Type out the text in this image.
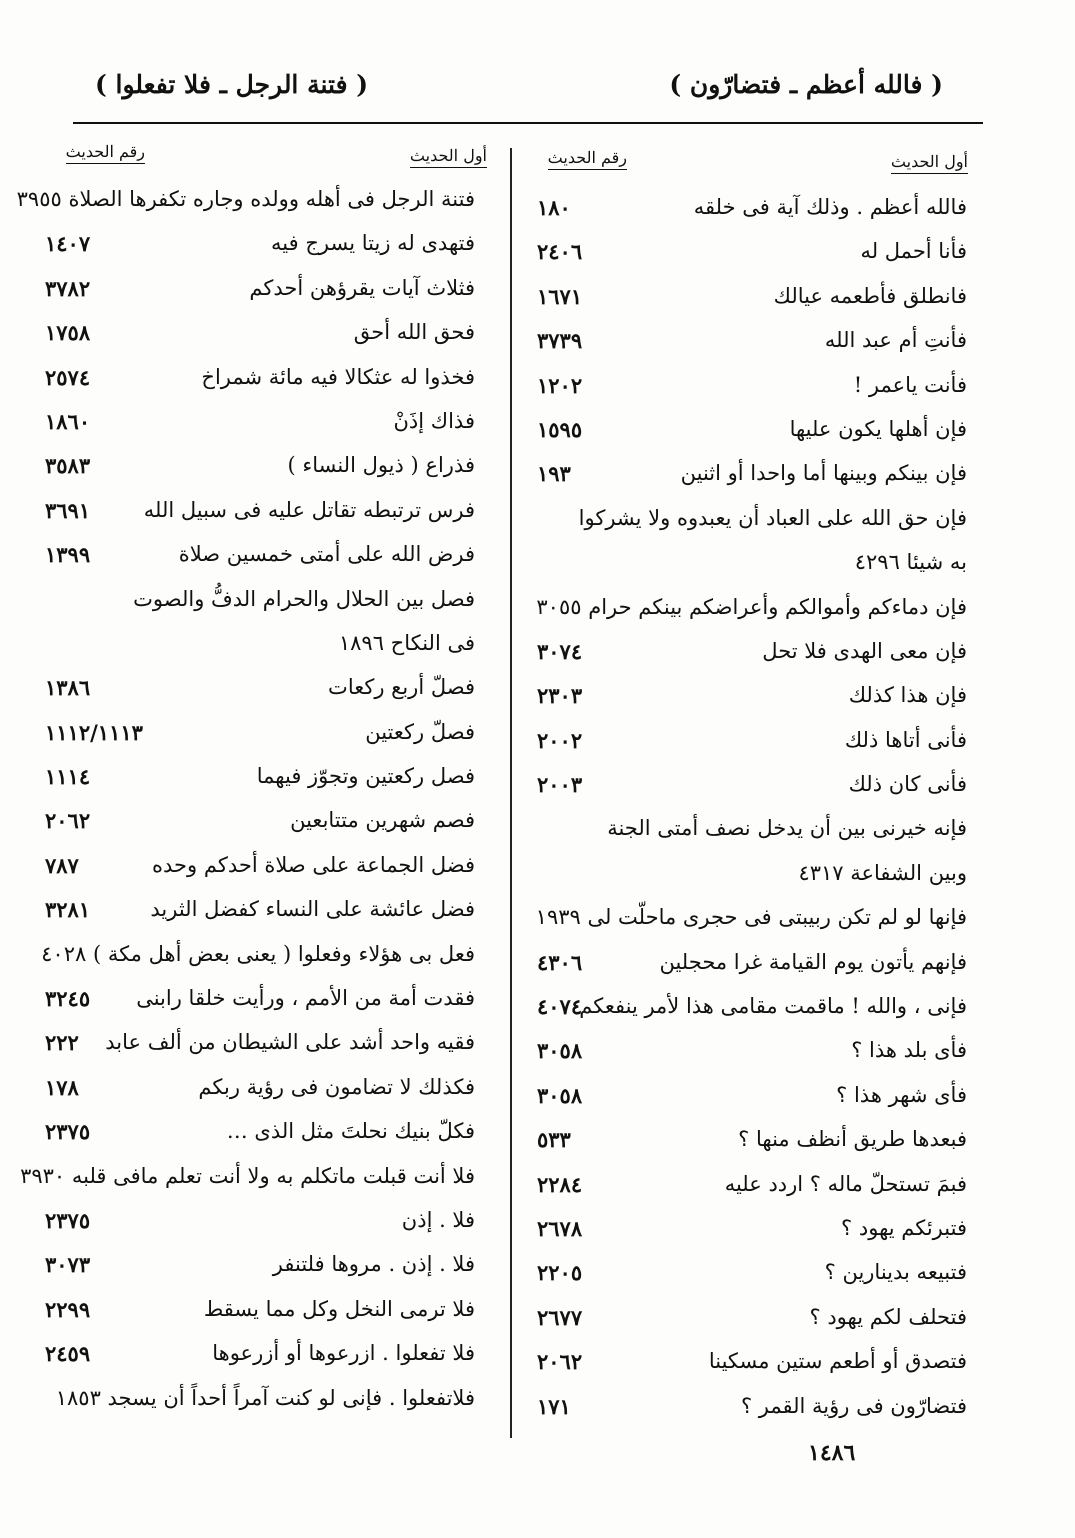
( فالله أعظم ـ فتضارّون )
( فتنة الرجل ـ فلا تفعلوا )
أول الحديث
رقم الحديث
أول الحديث
رقم الحديث
فالله أعظم . وذلك آية فى خلقه
١٨٠
فأنا أحمل له
٢٤٠٦
فانطلق فأطعمه عيالك
١٦٧١
فأنتِ أم عبد الله
٣٧٣٩
فأنت ياعمر !
١٢٠٢
فإن أهلها يكون عليها
١٥٩٥
فإن بينكم وبينها أما واحدا أو اثنين
١٩٣
فإن حق الله على العباد أن يعبدوه ولا يشركوا
به شيئا ٤٢٩٦
فإن دماءكم وأموالكم وأعراضكم بينكم حرام ٣٠٥٥
فإن معى الهدى فلا تحل
٣٠٧٤
فإن هذا كذلك
٢٣٠٣
فأنى أتاها ذلك
٢٠٠٢
فأنى كان ذلك
٢٠٠٣
فإنه خيرنى بين أن يدخل نصف أمتى الجنة
وبين الشفاعة ٤٣١٧
فإنها لو لم تكن ربيبتى فى حجرى ماحلّت لى ١٩٣٩
فإنهم يأتون يوم القيامة غرا محجلين
٤٣٠٦
فإنى ، والله ! ماقمت مقامى هذا لأمر ينفعكم
٤٠٧٤
فأى بلد هذا ؟
٣٠٥٨
فأى شهر هذا ؟
٣٠٥٨
فبعدها طريق أنظف منها ؟
٥٣٣
فبمَ تستحلّ ماله ؟ اردد عليه
٢٢٨٤
فتبرئكم يهود ؟
٢٦٧٨
فتبيعه بدينارين ؟
٢٢٠٥
فتحلف لكم يهود ؟
٢٦٧٧
فتصدق أو أطعم ستين مسكينا
٢٠٦٢
فتضارّون فى رؤية القمر ؟
١٧١
فتنة الرجل فى أهله وولده وجاره تكفرها الصلاة ٣٩٥٥
فتهدى له زيتا يسرج فيه
١٤٠٧
فثلاث آيات يقرؤهن أحدكم
٣٧٨٢
فحق الله أحق
١٧٥٨
فخذوا له عثكالا فيه مائة شمراخ
٢٥٧٤
فذاك إذَنْ
١٨٦٠
فذراع ( ذيول النساء )
٣٥٨٣
فرس ترتبطه تقاتل عليه فى سبيل الله
٣٦٩١
فرض الله على أمتى خمسين صلاة
١٣٩٩
فصل بين الحلال والحرام الدفُّ والصوت
فى النكاح ١٨٩٦
فصلّ أربع ركعات
١٣٨٦
فصلّ ركعتين
١١١٢/١١١٣
فصل ركعتين وتجوّز فيهما
١١١٤
فصم شهرين متتابعين
٢٠٦٢
فضل الجماعة على صلاة أحدكم وحده
٧٨٧
فضل عائشة على النساء كفضل الثريد
٣٢٨١
فعل بى هؤلاء وفعلوا ( يعنى بعض أهل مكة ) ٤٠٢٨
فقدت أمة من الأمم ، ورأيت خلقا رابنى
٣٢٤٥
فقيه واحد أشد على الشيطان من ألف عابد
٢٢٢
فكذلك لا تضامون فى رؤية ربكم
١٧٨
فكلّ بنيك نحلتَ مثل الذى …
٢٣٧٥
فلا أنت قبلت ماتكلم به ولا أنت تعلم مافى قلبه ٣٩٣٠
فلا . إذن
٢٣٧٥
فلا . إذن . مروها فلتنفر
٣٠٧٣
فلا ترمى النخل وكل مما يسقط
٢٢٩٩
فلا تفعلوا . ازرعوها أو أزرعوها
٢٤٥٩
فلاتفعلوا . فإنى لو كنت آمراً أحداً أن يسجد ١٨٥٣
١٤٨٦
